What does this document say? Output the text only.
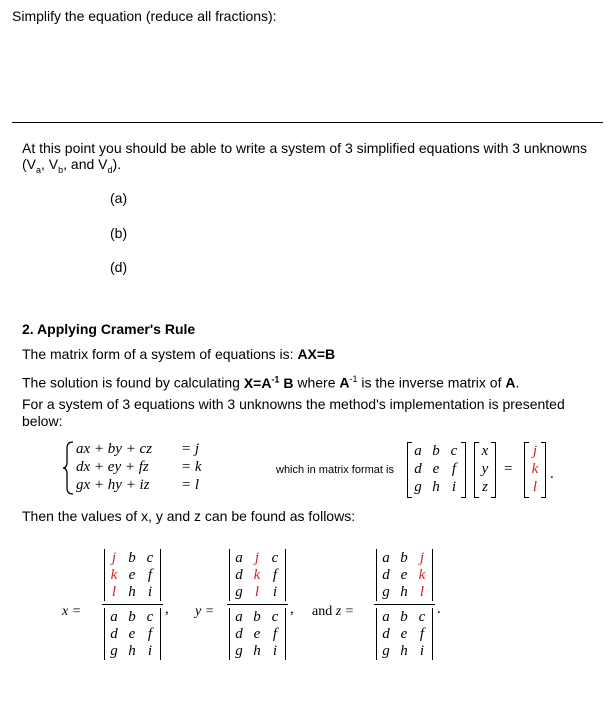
Simplify the equation (reduce all fractions):
At this point you should be able to write a system of 3 simplified equations with 3 unknowns
($V_a$, $V_b$, and $V_d$).
(a)
(b)
(d)
2. Applying Cramer's Rule
The matrix form of a system of equations is: AX=B
The solution is found by calculating $X=A^{-1}$ B where $A^{-1}$ is the inverse matrix of A.
For a system of 3 equations with 3 unknowns the method's implementation is presented
below:
ax + by + cz = j
dx + ey + fz = k
gx + hy + iz = l
which in matrix format is
a b c
d e f
g h i
x
y
z
=
j
k
l
.
Then the values of x, y and z can be found as follows:
x =
j b c
k e f
l h i
a b c
d e f
g h i
, y =
a j c
d k f
g l i
a b c
d e f
g h i
, and z =
a b j
d e k
g h l
a b c
d e f
g h i
.
